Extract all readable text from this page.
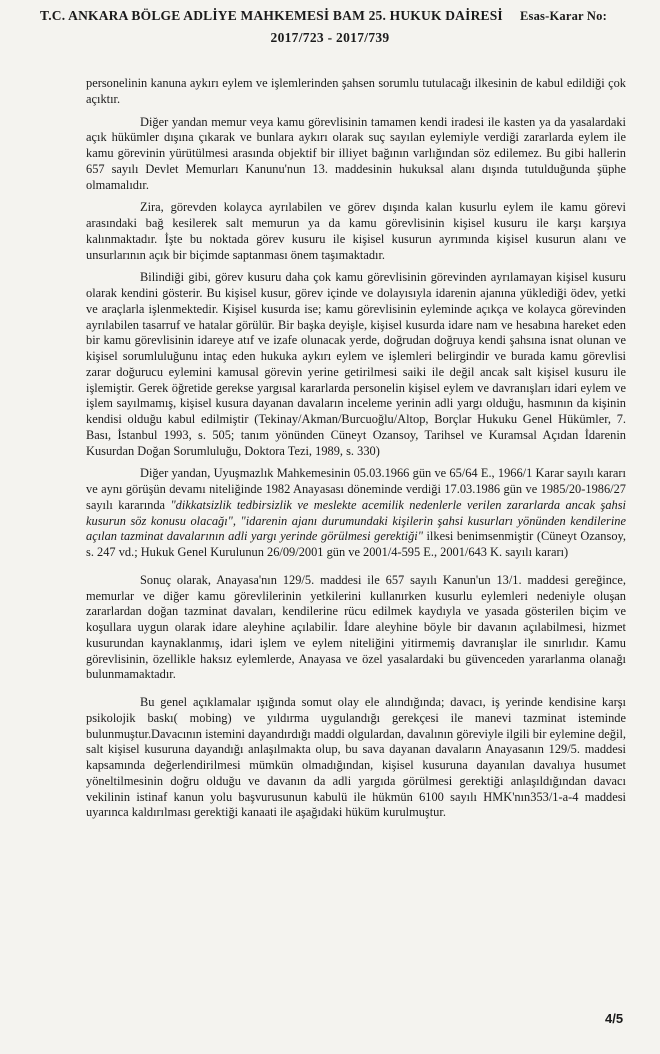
T.C. ANKARA BÖLGE ADLİYE MAHKEMESİ BAM 25. HUKUK DAİRESİ Esas-Karar No:
2017/723 - 2017/739

personelinin kanuna aykırı eylem ve işlemlerinden şahsen sorumlu tutulacağı ilkesinin de kabul edildiği çok açıktır.

Diğer yandan memur veya kamu görevlisinin tamamen kendi iradesi ile kasten ya da yasalardaki açık hükümler dışına çıkarak ve bunlara aykırı olarak suç sayılan eylemiyle verdiği zararlarda eylem ile kamu görevinin yürütülmesi arasında objektif bir illiyet bağının varlığından söz edilemez. Bu gibi hallerin 657 sayılı Devlet Memurları Kanunu'nun 13. maddesinin hukuksal alanı dışında tutulduğunda şüphe olmamalıdır.

Zira, görevden kolayca ayrılabilen ve görev dışında kalan kusurlu eylem ile kamu görevi arasındaki bağ kesilerek salt memurun ya da kamu görevlisinin kişisel kusuru ile karşı karşıya kalınmaktadır. İşte bu noktada görev kusuru ile kişisel kusurun ayrımında kişisel kusurun alanı ve unsurlarının açık bir biçimde saptanması önem taşımaktadır.

Bilindiği gibi, görev kusuru daha çok kamu görevlisinin görevinden ayrılamayan kişisel kusuru olarak kendini gösterir. Bu kişisel kusur, görev içinde ve dolayısıyla idarenin ajanına yüklediği ödev, yetki ve araçlarla işlenmektedir. Kişisel kusurda ise; kamu görevlisinin eyleminde açıkça ve kolayca görevinden ayrılabilen tasarruf ve hatalar görülür. Bir başka deyişle, kişisel kusurda idare nam ve hesabına hareket eden bir kamu görevlisinin idareye atıf ve izafe olunacak yerde, doğrudan doğruya kendi şahsına isnat olunan ve kişisel sorumluluğunu intaç eden hukuka aykırı eylem ve işlemleri belirgindir ve burada kamu görevlisi zarar doğurucu eylemini kamusal görevin yerine getirilmesi saiki ile değil ancak salt kişisel kusuru ile işlemiştir. Gerek öğretide gerekse yargısal kararlarda personelin kişisel eylem ve davranışları idari eylem ve işlem sayılmamış, kişisel kusura dayanan davaların inceleme yerinin adli yargı olduğu, hasmının da kişinin kendisi olduğu kabul edilmiştir (Tekinay/Akman/Burcuoğlu/Altop, Borçlar Hukuku Genel Hükümler, 7. Bası, İstanbul 1993, s. 505; tanım yönünden Cüneyt Ozansoy, Tarihsel ve Kuramsal Açıdan İdarenin Kusurdan Doğan Sorumluluğu, Doktora Tezi, 1989, s. 330)

Diğer yandan, Uyuşmazlık Mahkemesinin 05.03.1966 gün ve 65/64 E., 1966/1 Karar sayılı kararı ve aynı görüşün devamı niteliğinde 1982 Anayasası döneminde verdiği 17.03.1986 gün ve 1985/20-1986/27 sayılı kararında "dikkatsizlik tedbirsizlik ve meslekte acemilik nedenlerle verilen zararlarda ancak şahsi kusurun söz konusu olacağı", "idarenin ajanı durumundaki kişilerin şahsi kusurları yönünden kendilerine açılan tazminat davalarının adli yargı yerinde görülmesi gerektiği" ilkesi benimsenmiştir (Cüneyt Ozansoy, s. 247 vd.; Hukuk Genel Kurulunun 26/09/2001 gün ve 2001/4-595 E., 2001/643 K. sayılı kararı)

Sonuç olarak, Anayasa'nın 129/5. maddesi ile 657 sayılı Kanun'un 13/1. maddesi gereğince, memurlar ve diğer kamu görevlilerinin yetkilerini kullanırken kusurlu eylemleri nedeniyle oluşan zararlardan doğan tazminat davaları, kendilerine rücu edilmek kaydıyla ve yasada gösterilen biçim ve koşullara uygun olarak idare aleyhine açılabilir. İdare aleyhine böyle bir davanın açılabilmesi, hizmet kusurundan kaynaklanmış, idari işlem ve eylem niteliğini yitirmemiş davranışlar ile sınırlıdır. Kamu görevlisinin, özellikle haksız eylemlerde, Anayasa ve özel yasalardaki bu güvenceden yararlanma olanağı bulunmamaktadır.

Bu genel açıklamalar ışığında somut olay ele alındığında; davacı, iş yerinde kendisine karşı psikolojik baskı( mobing) ve yıldırma uygulandığı gerekçesi ile manevi tazminat isteminde bulunmuştur.Davacının istemini dayandırdığı maddi olgulardan, davalının göreviyle ilgili bir eylemine değil, salt kişisel kusuruna dayandığı anlaşılmakta olup, bu sava dayanan davaların Anayasanın 129/5. maddesi kapsamında değerlendirilmesi mümkün olmadığından, kişisel kusuruna dayanılan davalıya husumet yöneltilmesinin doğru olduğu ve davanın da adli yargıda görülmesi gerektiği anlaşıldığından davacı vekilinin istinaf kanun yolu başvurusunun kabulü ile hükmün 6100 sayılı HMK'nın353/1-a-4 maddesi uyarınca kaldırılması gerektiği kanaati ile aşağıdaki hüküm kurulmuştur.

4/5
